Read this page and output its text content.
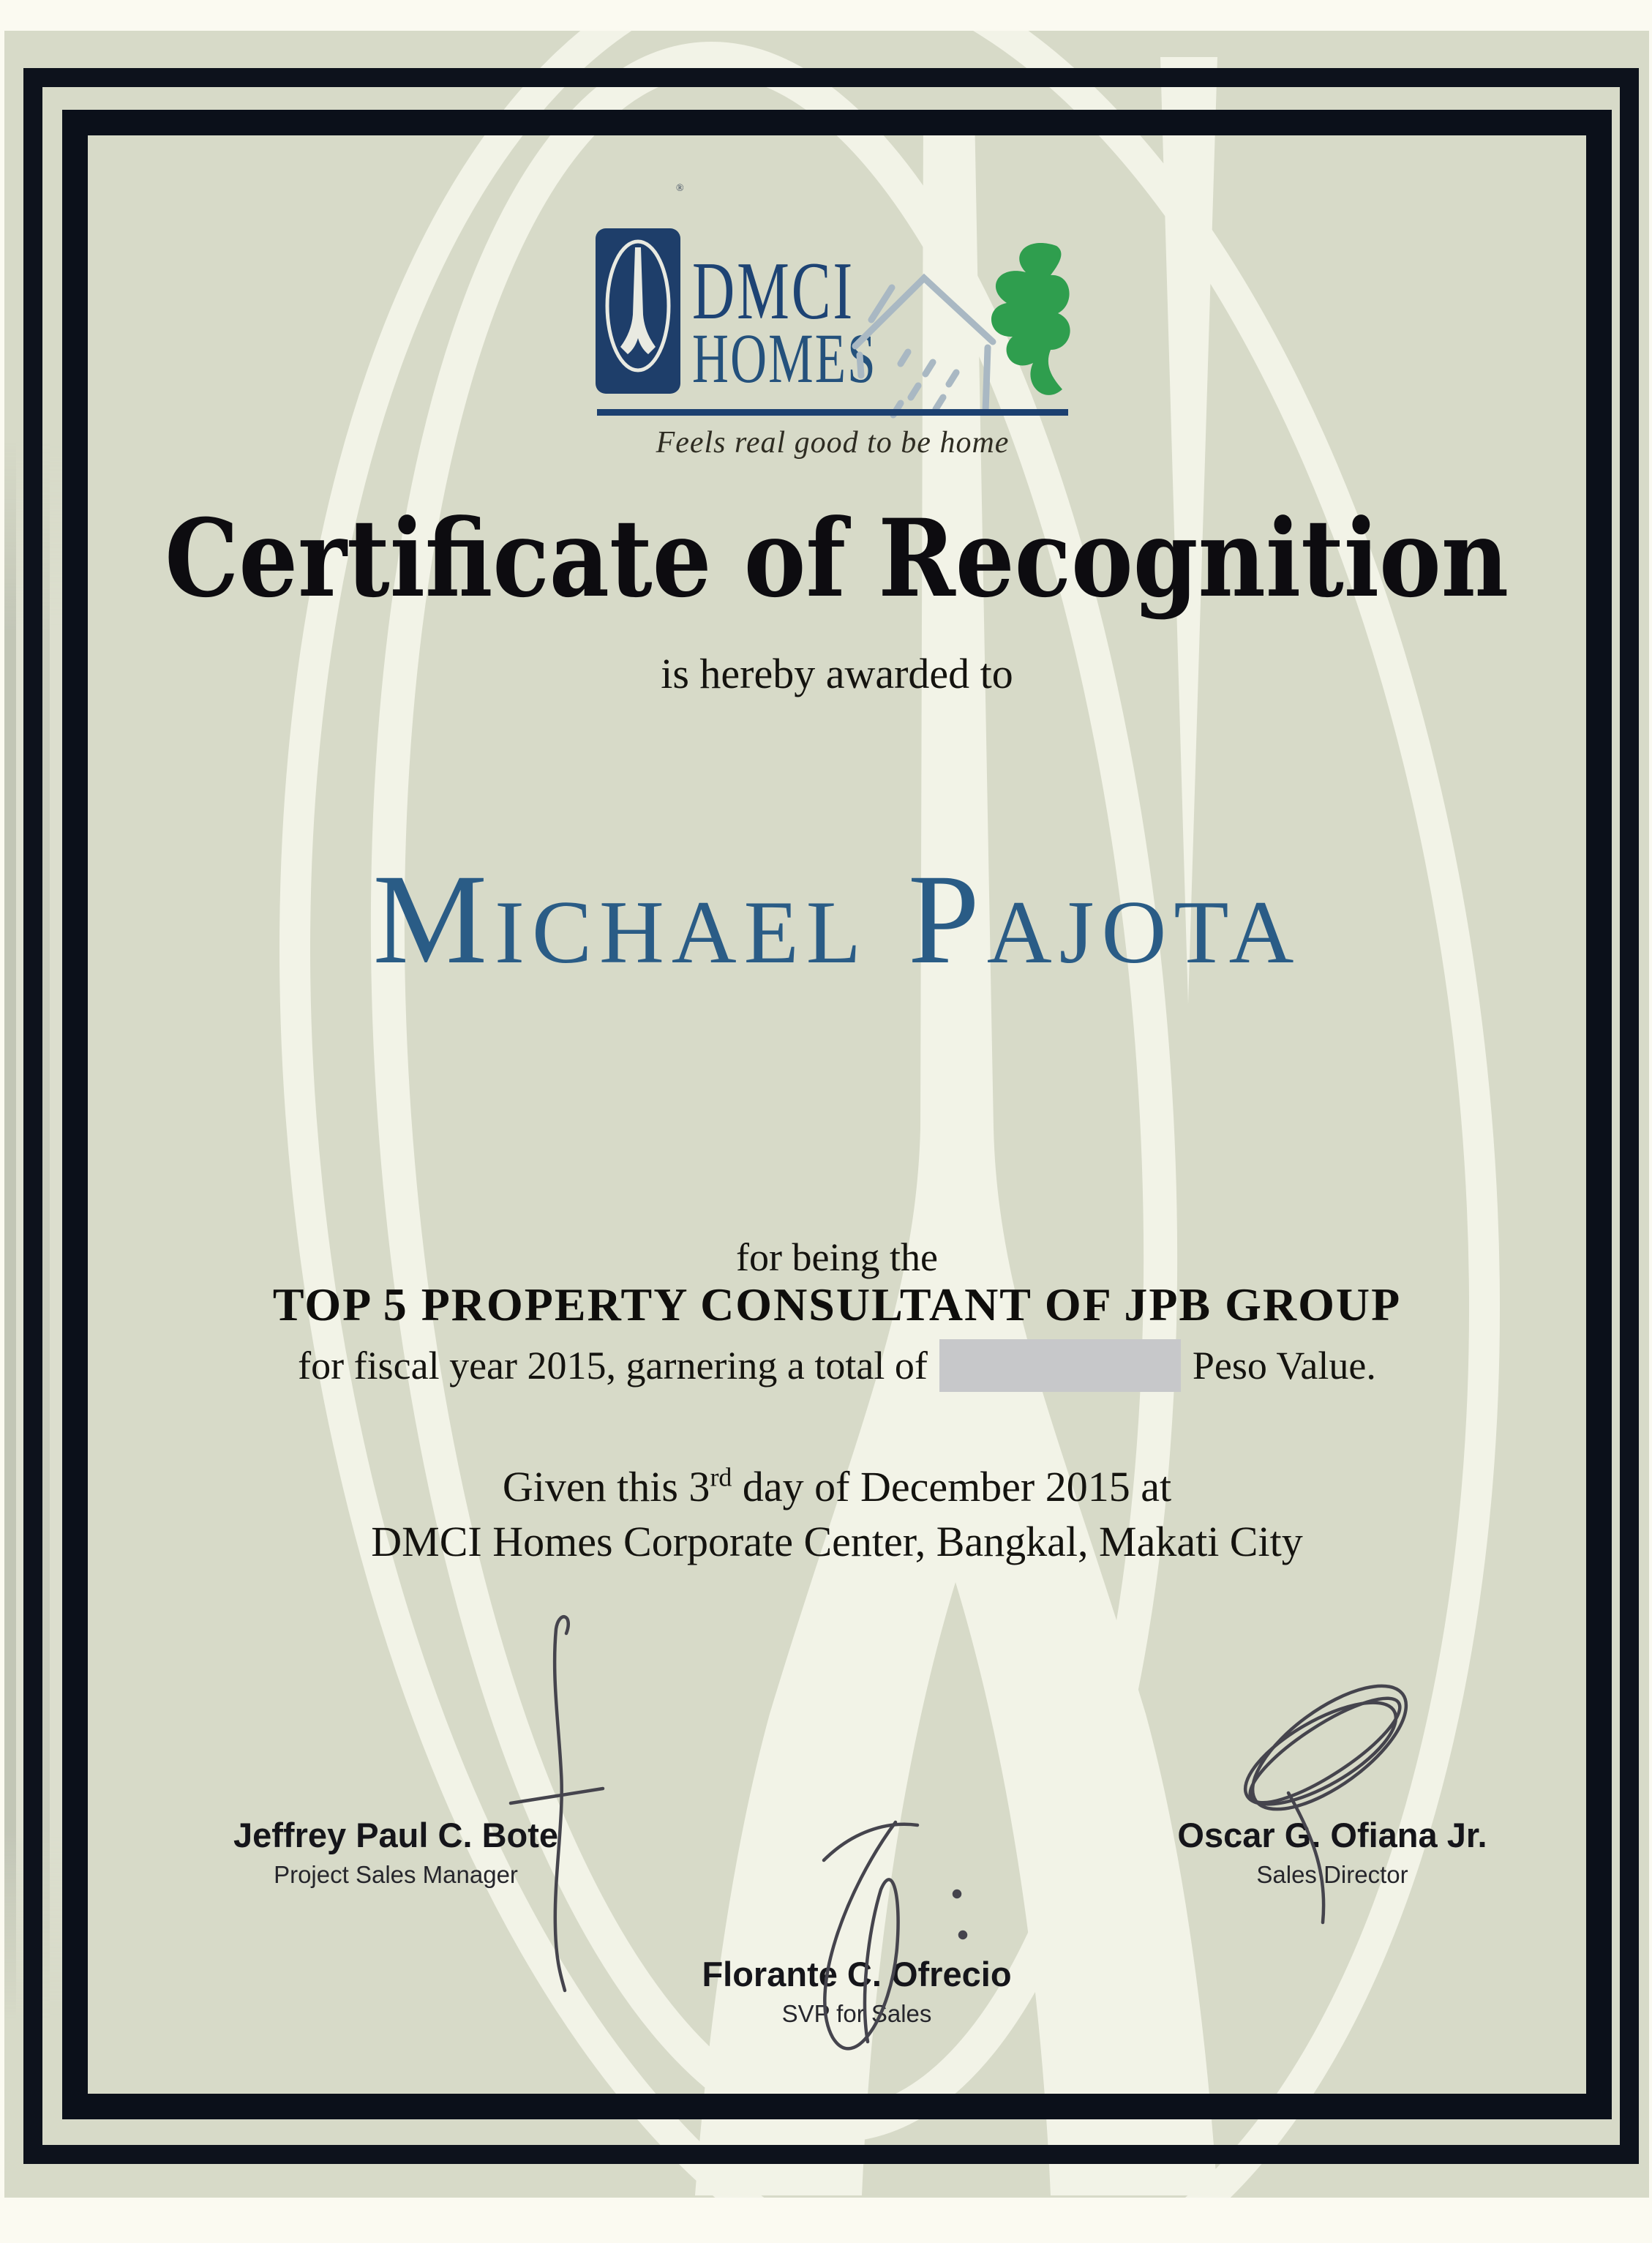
®
DMCI
HOMES
Feels real good to be home
Certificate of Recognition
is hereby awarded to
Michael Pajota
for being the
TOP 5 PROPERTY CONSULTANT OF JPB GROUP
for fiscal year 2015, garnering a total of	Peso Value.
Given this 3rd day of December 2015 at
DMCI Homes Corporate Center, Bangkal, Makati City
Jeffrey Paul C. Bote
Project Sales Manager
Oscar G. Ofiana Jr.
Sales Director
Florante C. Ofrecio
SVP for Sales
